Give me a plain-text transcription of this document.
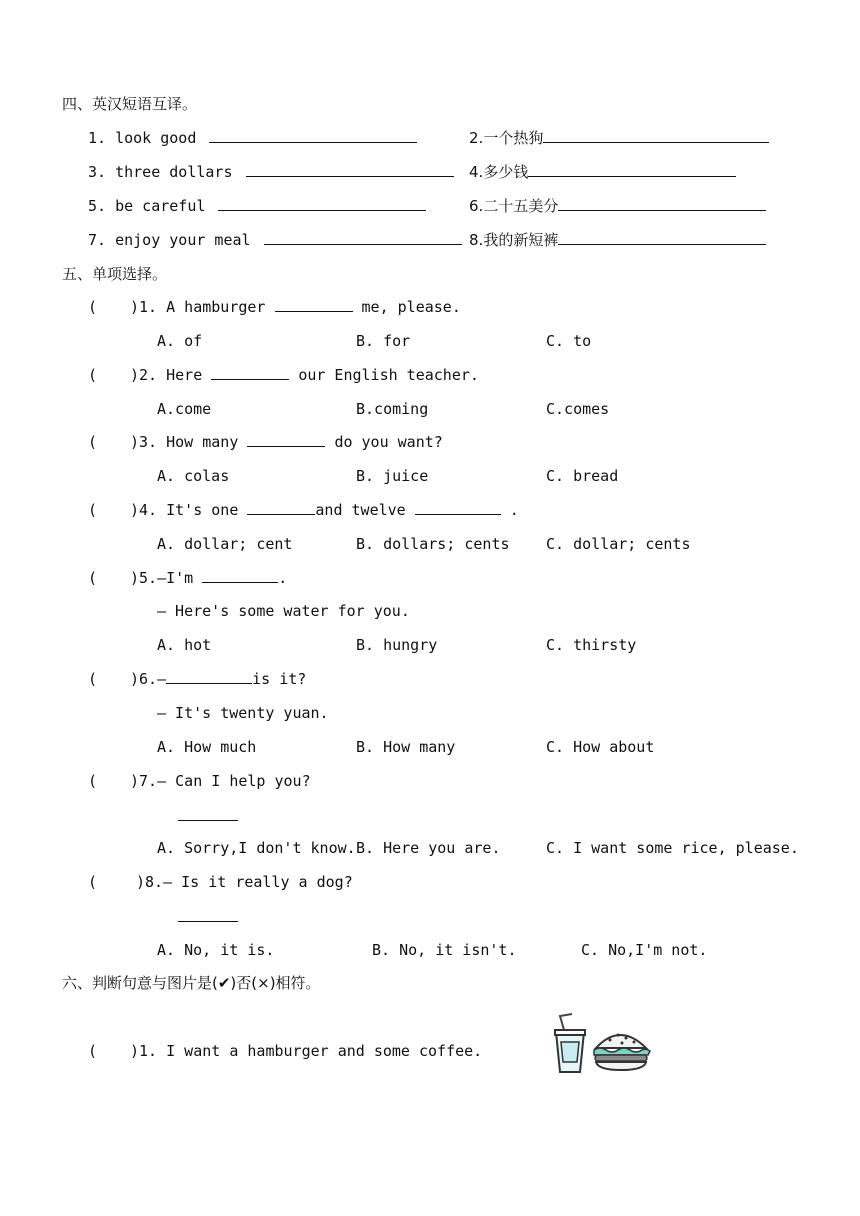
四、英汉短语互译。
1. look good	2.一个热狗
3. three dollars	4.多少钱
5. be careful	6.二十五美分
7. enjoy your meal	8.我的新短裤
五、单项选择。
( )1. A hamburger	me, please.
A. of	B. for	C. to
( )2. Here	our English teacher.
A.come	B.coming	C.comes
( )3. How many	do you want?
A. colas	B. juice	C. bread
( )4. It's one	and twelve	.
A. dollar; cent	B. dollars; cents C. dollar; cents
( )5.—I'm	.
— Here's some water for you.
A. hot	B. hungry	C. thirsty
( )6.—	is it?
— It's twenty yuan.
A. How much	B. How many	C. How about
( )7.— Can I help you?
A. Sorry,I don't know. B. Here you are.	C. I want some rice, please.
(	)8.— Is it really a dog?
A. No, it is.	B. No, it isn't.	C. No,I'm not.
六、判断句意与图片是(✔)否(×)相符。
( )1. I want a hamburger and some coffee.
